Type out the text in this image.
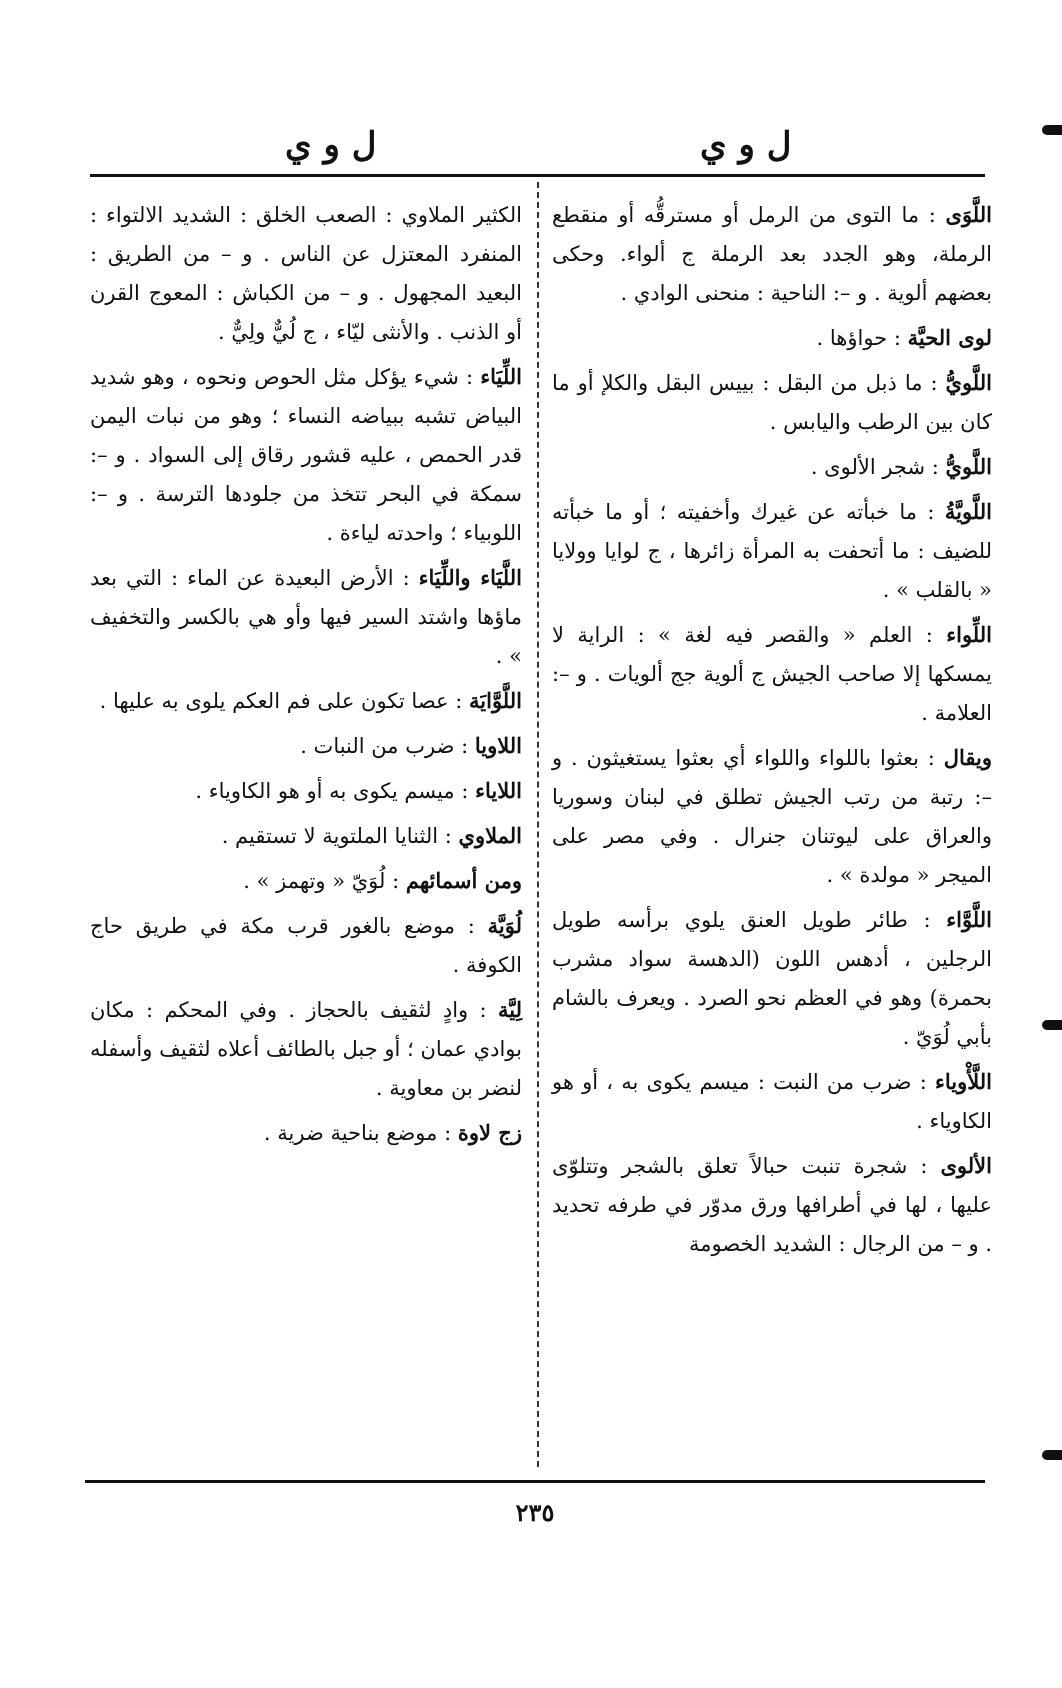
ل و ي
ل و ي

اللَّوَى : ما التوى من الرمل أو مسترقُّه أو منقطع الرملة، وهو الجدد بعد الرملة ج ألواء. وحكى بعضهم ألوية . و –: الناحية : منحنى الوادي .

لوى الحيَّة : حواؤها .

اللَّويُّ : ما ذبل من البقل : بييس البقل والكلإ أو ما كان بين الرطب واليابس .

اللَّويُّ : شجر الألوى .

اللَّويَّةُ : ما خبأته عن غيرك وأخفيته ؛ أو ما خبأته للضيف : ما أتحفت به المرأة زائرها ، ج لوايا وولايا « بالقلب » .

اللِّواء : العلم « والقصر فيه لغة » : الراية لا يمسكها إلا صاحب الجيش ج ألوية جج ألويات . و –: العلامة .

ويقال : بعثوا باللواء واللواء أي بعثوا يستغيثون . و –: رتبة من رتب الجيش تطلق في لبنان وسوريا والعراق على ليوتنان جنرال . وفي مصر على الميجر « مولدة » .

اللَّوَّاء : طائر طويل العنق يلوي برأسه طويل الرجلين ، أدهس اللون (الدهسة سواد مشرب بحمرة) وهو في العظم نحو الصرد . ويعرف بالشام بأبي لُوَيّ .

اللَّأْوياء : ضرب من النبت : ميسم يكوى به ، أو هو الكاوياء .

الألوى : شجرة تنبت حبالاً تعلق بالشجر وتتلوّى عليها ، لها في أطرافها ورق مدوّر في طرفه تحديد . و – من الرجال : الشديد الخصومة

الكثير الملاوي : الصعب الخلق : الشديد الالتواء : المنفرد المعتزل عن الناس . و – من الطريق : البعيد المجهول . و – من الكباش : المعوج القرن أو الذنب . والأنثى ليّاء ، ج لُيٌّ ولِيٌّ .

اللِّيَاء : شيء يؤكل مثل الحوص ونحوه ، وهو شديد البياض تشبه ببياضه النساء ؛ وهو من نبات اليمن قدر الحمص ، عليه قشور رقاق إلى السواد . و –: سمكة في البحر تتخذ من جلودها الترسة . و –: اللوبياء ؛ واحدته لياءة .

اللَّيَاء واللِّيَاء : الأرض البعيدة عن الماء : التي بعد ماؤها واشتد السير فيها وأو هي بالكسر والتخفيف » .

اللَّوَّايَة : عصا تكون على فم العكم يلوى به عليها .

اللاويا : ضرب من النبات .

اللاياء : ميسم يكوى به أو هو الكاوياء .

الملاوي : الثنايا الملتوية لا تستقيم .

ومن أسمائهم : لُوَيّ « وتهمز » .

لُوَيَّة : موضع بالغور قرب مكة في طريق حاج الكوفة .

لِيَّة : وادٍ لثقيف بالحجاز . وفي المحكم : مكان بوادي عمان ؛ أو جبل بالطائف أعلاه لثقيف وأسفله لنضر بن معاوية .

زج لاوة : موضع بناحية ضرية .

٢٣٥
